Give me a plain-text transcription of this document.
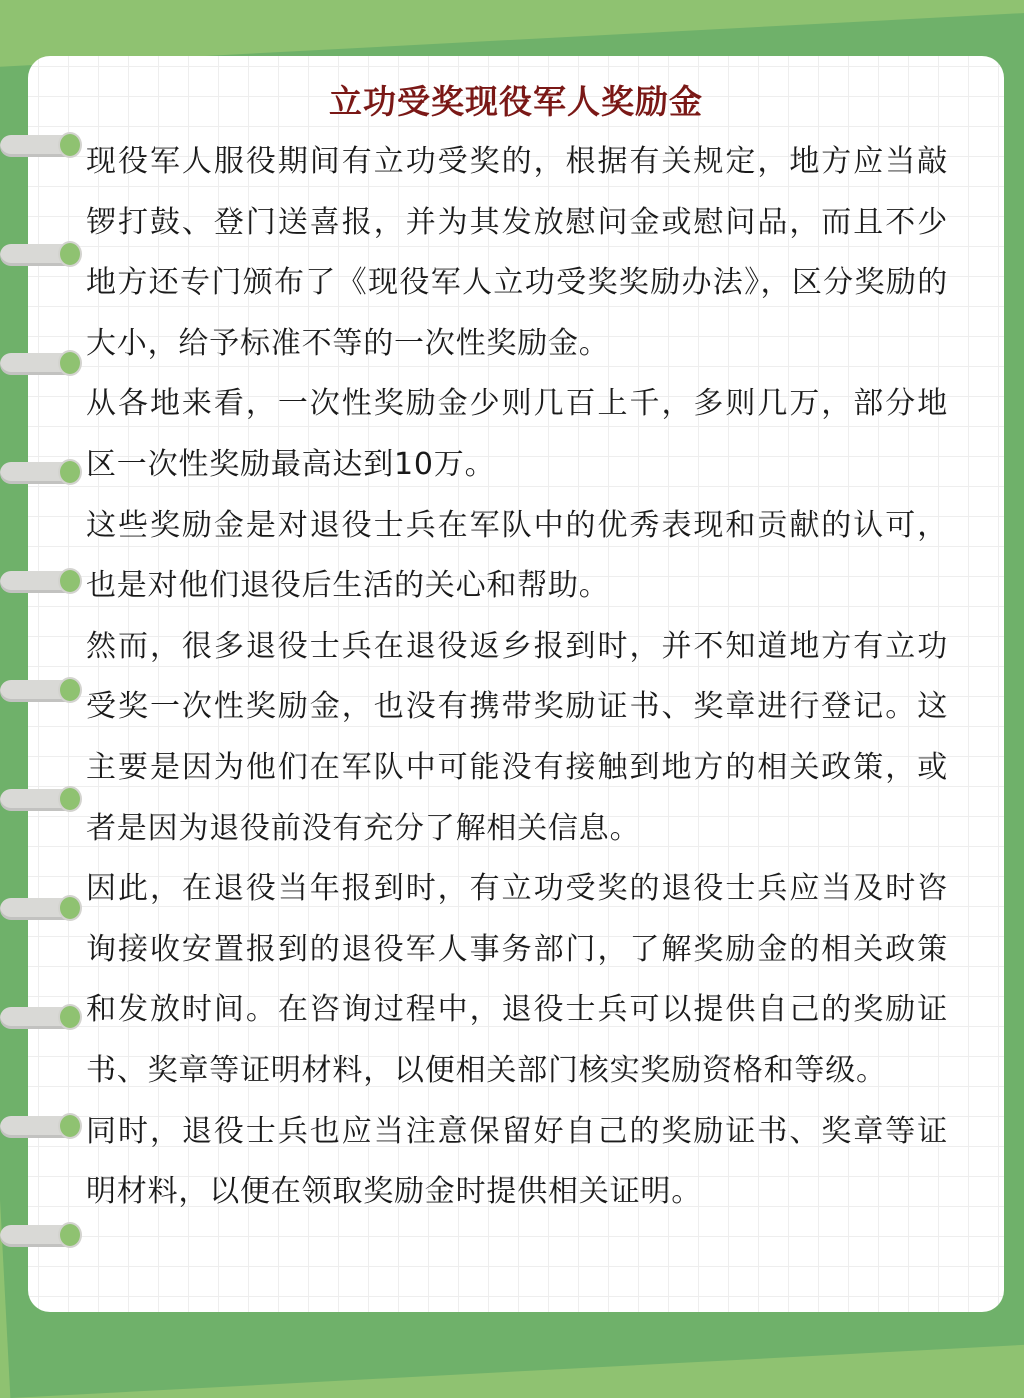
立功受奖现役军人奖励金

现役军人服役期间有立功受奖的，根据有关规定，地方应当敲锣打鼓、登门送喜报，并为其发放慰问金或慰问品，而且不少地方还专门颁布了《现役军人立功受奖奖励办法》，区分奖励的大小，给予标准不等的一次性奖励金。

从各地来看，一次性奖励金少则几百上千，多则几万，部分地区一次性奖励最高达到10万。

这些奖励金是对退役士兵在军队中的优秀表现和贡献的认可，也是对他们退役后生活的关心和帮助。

然而，很多退役士兵在退役返乡报到时，并不知道地方有立功受奖一次性奖励金，也没有携带奖励证书、奖章进行登记。这主要是因为他们在军队中可能没有接触到地方的相关政策，或者是因为退役前没有充分了解相关信息。

因此，在退役当年报到时，有立功受奖的退役士兵应当及时咨询接收安置报到的退役军人事务部门，了解奖励金的相关政策和发放时间。在咨询过程中，退役士兵可以提供自己的奖励证书、奖章等证明材料，以便相关部门核实奖励资格和等级。

同时，退役士兵也应当注意保留好自己的奖励证书、奖章等证明材料，以便在领取奖励金时提供相关证明。
